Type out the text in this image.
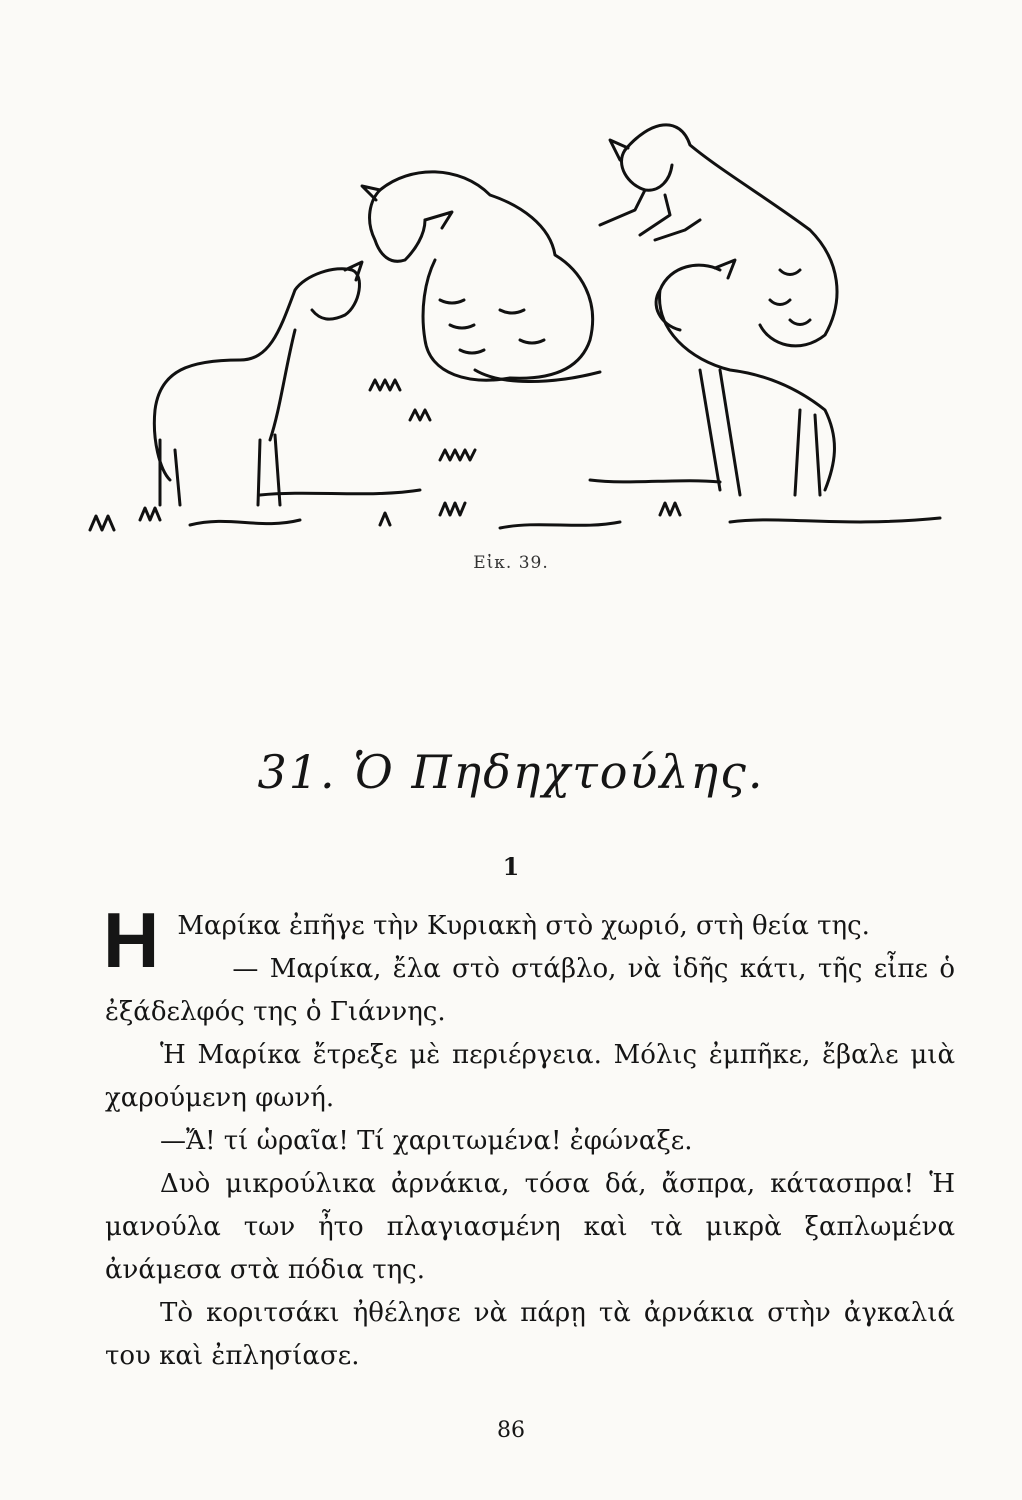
Εἰκ. 39.
31. Ὁ Πηδηχτούλης.
1

Η Μαρίκα ἐπῆγε τὴν Κυριακὴ στὸ χωριό, στὴ θεία της.

— Μαρίκα, ἔλα στὸ στάβλο, νὰ ἰδῆς κάτι, τῆς εἶπε ὁ ἐξάδελφός της ὁ Γιάννης.

Ἡ Μαρίκα ἔτρεξε μὲ περιέργεια. Μόλις ἐμπῆκε, ἔβαλε μιὰ χαρούμενη φωνή.

—Ἄ! τί ὡραῖα! Τί χαριτωμένα! ἐφώναξε.

Δυὸ μικρούλικα ἀρνάκια, τόσα δά, ἄσπρα, κάτασπρα! Ἡ μανούλα των ἦτο πλαγιασμένη καὶ τὰ μικρὰ ξαπλωμένα ἀνάμεσα στὰ πόδια της.

Τὸ κοριτσάκι ἠθέλησε νὰ πάρῃ τὰ ἀρνάκια στὴν ἀγκαλιά του καὶ ἐπλησίασε.

86
